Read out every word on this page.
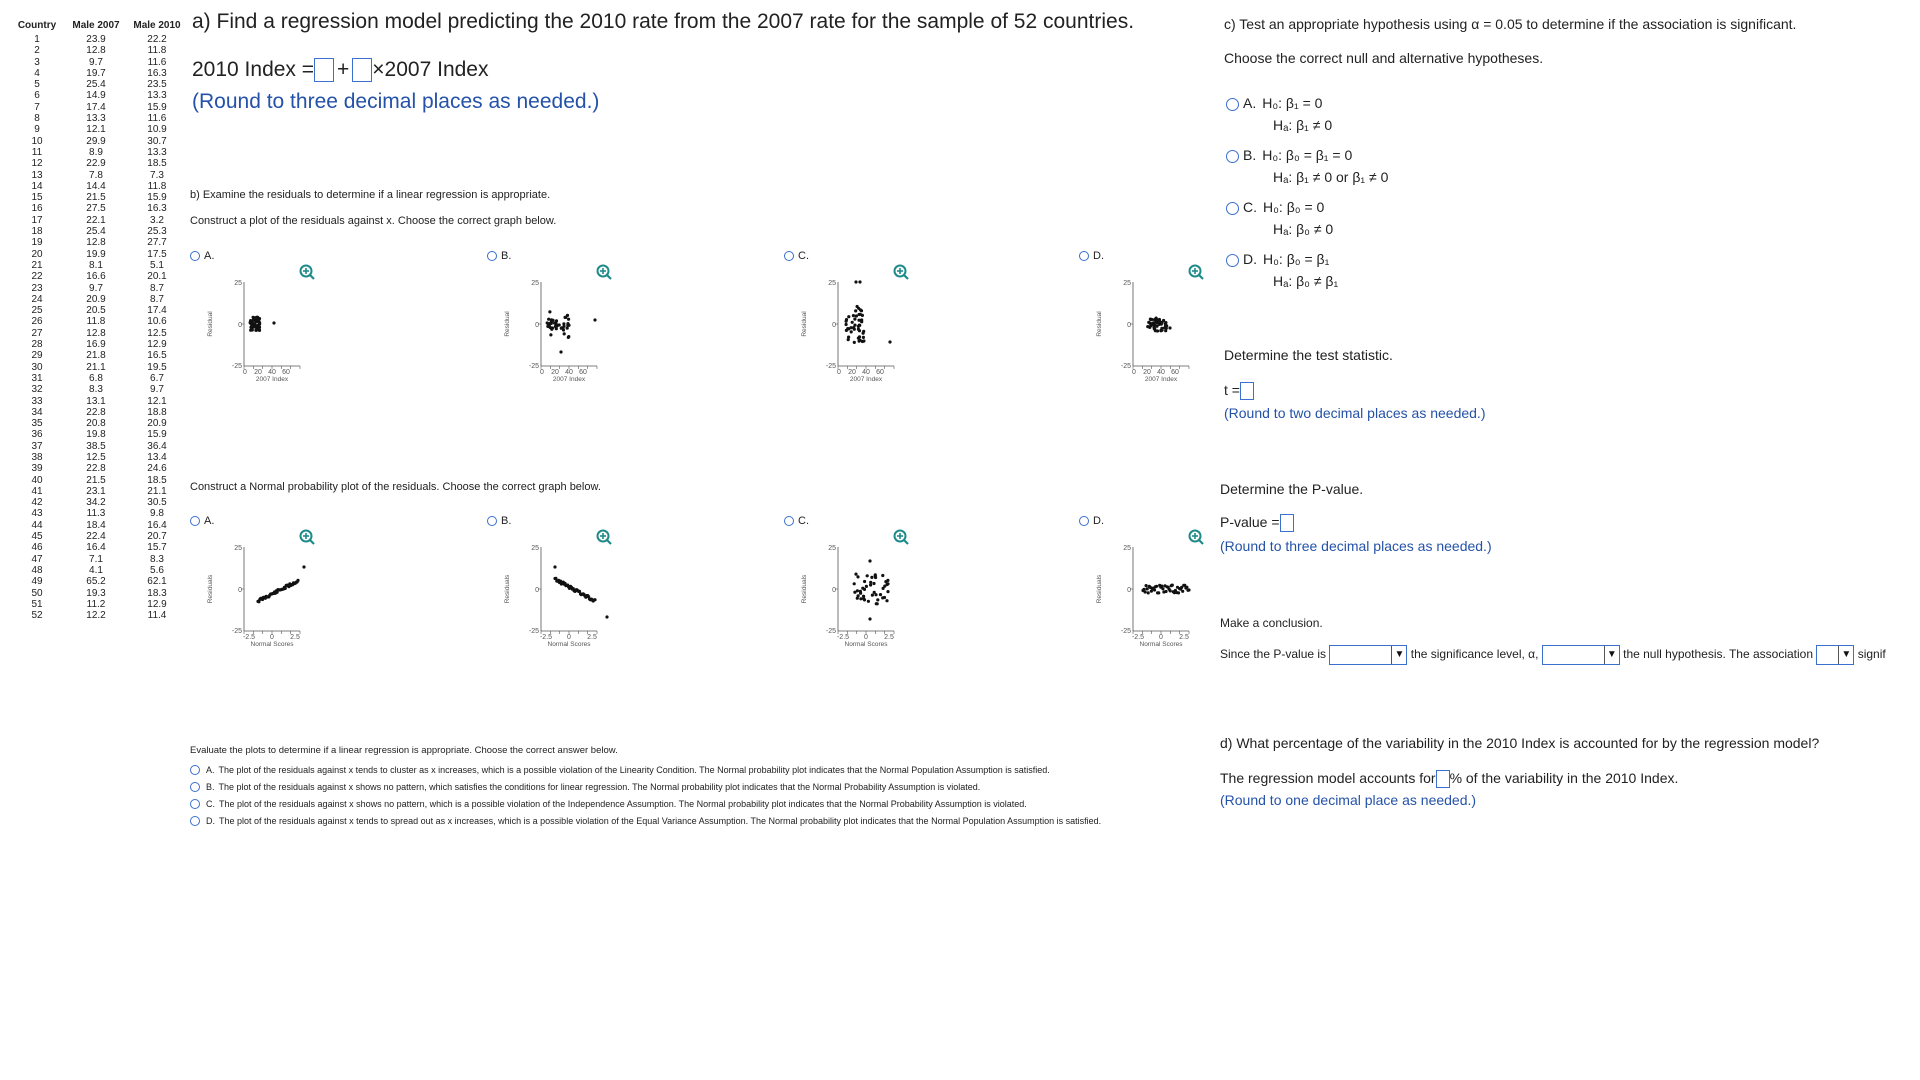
Country Male 2007 Male 2010
1	23.9	22.2
2	12.8	11.8
3	9.7	11.6
4	19.7	16.3
5	25.4	23.5
6	14.9	13.3
7	17.4	15.9
8	13.3	11.6
9	12.1	10.9
10	29.9	30.7
11	8.9	13.3
12	22.9	18.5
13	7.8	7.3
14	14.4	11.8
15	21.5	15.9
16	27.5	16.3
17	22.1	3.2
18	25.4	25.3
19	12.8	27.7
20	19.9	17.5
21	8.1	5.1
22	16.6	20.1
23	9.7	8.7
24	20.9	8.7
25	20.5	17.4
26	11.8	10.6
27	12.8	12.5
28	16.9	12.9
29	21.8	16.5
30	21.1	19.5
31	6.8	6.7
32	8.3	9.7
33	13.1	12.1
34	22.8	18.8
35	20.8	20.9
36	19.8	15.9
37	38.5	36.4
38	12.5	13.4
39	22.8	24.6
40	21.5	18.5
41	23.1	21.1
42	34.2	30.5
43	11.3	9.8
44	18.4	16.4
45	22.4	20.7
46	16.4	15.7
47	7.1	8.3
48	4.1	5.6
49	65.2	62.1
50	19.3	18.3
51	11.2	12.9
52	12.2	11.4
a) Find a regression model predicting the 2010 rate from the 2007 rate for the sample of 52 countries.
2010 Index = + ×2007 Index
(Round to three decimal places as needed.)
b) Examine the residuals to determine if a linear regression is appropriate.
Construct a plot of the residuals against x. Choose the correct graph below.
A.
25
0
-25
0 20 40 60
2007 Index
Residual
B.
25
0
-25
0 20 40 60
2007 Index
Residual
C.
25
0
-25
0 20 40 60
2007 Index
Residual
D.
25
0
-25
0 20 40 60
2007 Index
Residual
Construct a Normal probability plot of the residuals. Choose the correct graph below.
A.
25
0
-25
-2.5 0 2.5
Normal Scores
Residuals
B.
25
0
-25
-2.5 0 2.5
Normal Scores
Residuals
C.
25
0
-25
-2.5 0 2.5
Normal Scores
Residuals
D.
25
0
-25
-2.5 0 2.5
Normal Scores
Residuals
Evaluate the plots to determine if a linear regression is appropriate. Choose the correct answer below.
A. The plot of the residuals against x tends to cluster as x increases, which is a possible violation of the Linearity Condition. The Normal probability plot indicates that the Normal Population Assumption is satisfied.
B. The plot of the residuals against x shows no pattern, which satisfies the conditions for linear regression. The Normal probability plot indicates that the Normal Probability Assumption is violated.
C. The plot of the residuals against x shows no pattern, which is a possible violation of the Independence Assumption. The Normal probability plot indicates that the Normal Probability Assumption is violated.
D. The plot of the residuals against x tends to spread out as x increases, which is a possible violation of the Equal Variance Assumption. The Normal probability plot indicates that the Normal Population Assumption is satisfied.
c) Test an appropriate hypothesis using α = 0.05 to determine if the association is significant.
Choose the correct null and alternative hypotheses.
A. H₀: β₁ = 0
Hₐ: β₁ ≠ 0
B. H₀: β₀ = β₁ = 0
Hₐ: β₁ ≠ 0 or β₁ ≠ 0
C. H₀: β₀ = 0
Hₐ: β₀ ≠ 0
D. H₀: β₀ = β₁
Hₐ: β₀ ≠ β₁
Determine the test statistic.
t =
(Round to two decimal places as needed.)
Determine the P-value.
P-value =
(Round to three decimal places as needed.)
Make a conclusion.
Since the P-value is	▼ the significance level, α,	▼ the null hypothesis. The association	▼ signif
d) What percentage of the variability in the 2010 Index is accounted for by the regression model?
The regression model accounts for % of the variability in the 2010 Index.
(Round to one decimal place as needed.)
